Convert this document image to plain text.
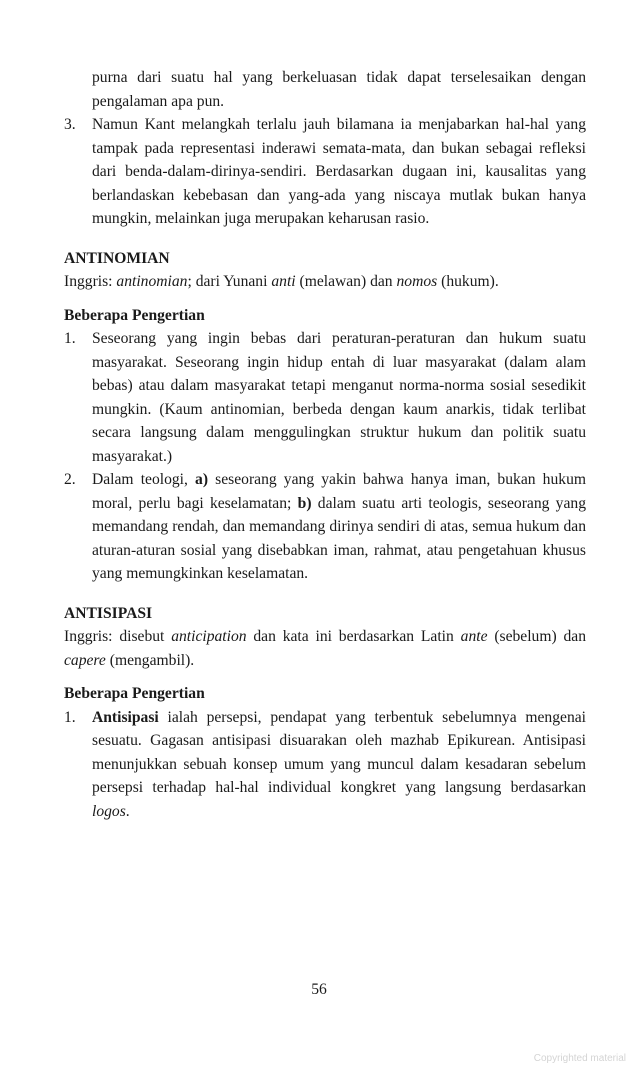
purna dari suatu hal yang berkeluasan tidak dapat terselesaikan dengan pengalaman apa pun.

3. Namun Kant melangkah terlalu jauh bilamana ia menjabarkan hal-hal yang tampak pada representasi inderawi semata-mata, dan bukan sebagai refleksi dari benda-dalam-dirinya-sendiri. Berdasarkan dugaan ini, kausalitas yang berlandaskan kebebasan dan yang-ada yang niscaya mutlak bukan hanya mungkin, melainkan juga merupakan keharusan rasio.

ANTINOMIAN

Inggris: antinomian; dari Yunani anti (melawan) dan nomos (hukum).

Beberapa Pengertian

1. Seseorang yang ingin bebas dari peraturan-peraturan dan hukum suatu masyarakat. Seseorang ingin hidup entah di luar masyarakat (dalam alam bebas) atau dalam masyarakat tetapi menganut norma-norma sosial sesedikit mungkin. (Kaum antinomian, berbeda dengan kaum anarkis, tidak terlibat secara langsung dalam menggulingkan struktur hukum dan politik suatu masyarakat.)

2. Dalam teologi, a) seseorang yang yakin bahwa hanya iman, bukan hukum moral, perlu bagi keselamatan; b) dalam suatu arti teologis, seseorang yang memandang rendah, dan memandang dirinya sendiri di atas, semua hukum dan aturan-aturan sosial yang disebabkan iman, rahmat, atau pengetahuan khusus yang memungkinkan keselamatan.

ANTISIPASI

Inggris: disebut anticipation dan kata ini berdasarkan Latin ante (sebelum) dan capere (mengambil).

Beberapa Pengertian

1. Antisipasi ialah persepsi, pendapat yang terbentuk sebelumnya mengenai sesuatu. Gagasan antisipasi disuarakan oleh mazhab Epikurean. Antisipasi menunjukkan sebuah konsep umum yang muncul dalam kesadaran sebelum persepsi terhadap hal-hal individual kongkret yang langsung berdasarkan logos.

56
Copyrighted material
